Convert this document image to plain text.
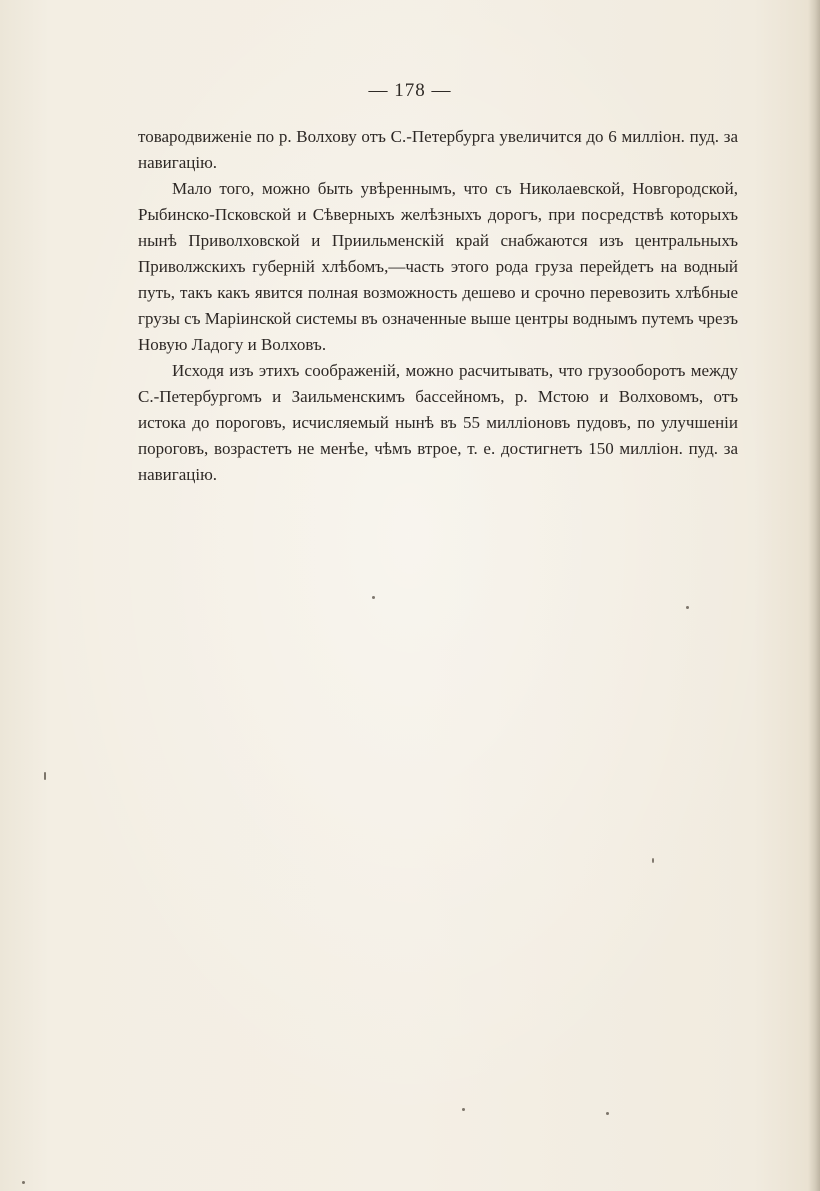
— 178 —

товародвиженіе по р. Волхову отъ С.-Петербурга увеличится до 6 миллiон. пуд. за навигацію.

Мало того, можно быть увѣреннымъ, что съ Николаевской, Новгородской, Рыбинско-Псковской и Сѣверныхъ желѣзныхъ дорогъ, при посредствѣ которыхъ нынѣ Приволховской и Приильменскій край снабжаются изъ центральныхъ Приволжскихъ губерній хлѣбомъ,—часть этого рода груза перейдетъ на водный путь, такъ какъ явится полная возможность дешево и срочно перевозить хлѣбные грузы съ Маріинской системы въ означенные выше центры воднымъ путемъ чрезъ Новую Ладогу и Волховъ.

Исходя изъ этихъ соображеній, можно расчитывать, что грузооборотъ между С.-Петербургомъ и Заильменскимъ бассейномъ, р. Мстою и Волховомъ, отъ истока до пороговъ, исчисляемый нынѣ въ 55 миллiоновъ пудовъ, по улучшеніи пороговъ, возрастетъ не менѣе, чѣмъ втрое, т. е. достигнетъ 150 миллiон. пуд. за навигацію.
